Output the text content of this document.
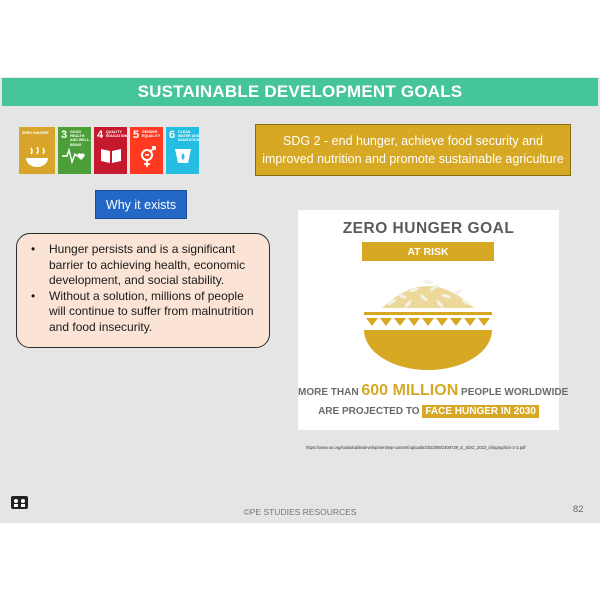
SUSTAINABLE DEVELOPMENT GOALS
ZERO HUNGER	3 GOOD HEALTH AND WELL-BEING
4 QUALITY EDUCATION 5 GENDER EQUALITY 6 CLEAN WATER AND SANITATION	SDG 2 - end hunger, achieve food security and improved nutrition and promote sustainable agriculture
Why it exists
• Hunger persists and is a significant barrier to achieving health, economic development, and social stability.
• Without a solution, millions of people will continue to suffer from malnutrition and food insecurity.
ZERO HUNGER GOAL
AT RISK
MORE THAN 600 MILLION PEOPLE WORLDWIDE
ARE PROJECTED TO FACE HUNGER IN 2030
https://www.un.org/sustainabledevelopment/wp-content/uploads/2023/08/2309739_E_SDG_2023_infographics-2-2.pdf
©PE STUDIES RESOURCES	82
